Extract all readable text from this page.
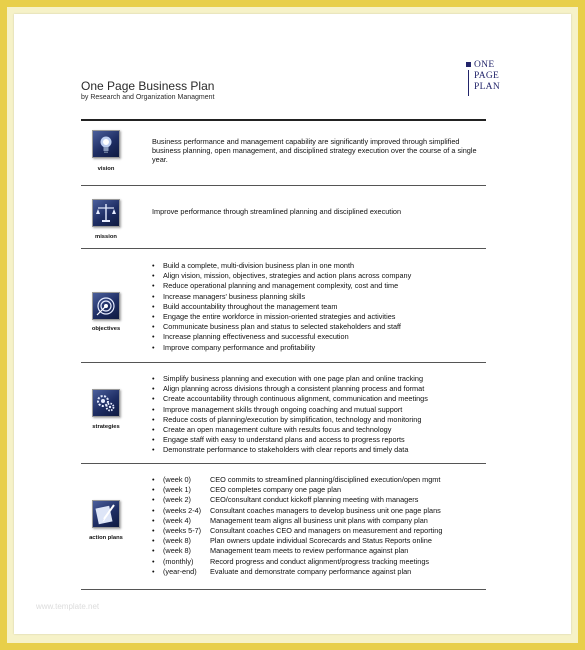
One Page Business Plan
by Research and Organization Managment
ONE
PAGE
PLAN
vision
Business performance and management capability are significantly improved through simplified business planning, open management, and disciplined strategy execution over the course of a single year.
mission
Improve performance through streamlined planning and disciplined execution
objectives
• Build a complete, multi-division business plan in one month
• Align vision, mission, objectives, strategies and action plans across company
• Reduce operational planning and management complexity, cost and time
• Increase managers' business planning skills
• Build accountability throughout the management team
• Engage the entire workforce in mission-oriented strategies and activities
• Communicate business plan and status to selected stakeholders and staff
• Increase planning effectiveness and successful execution
• Improve company performance and profitability
strategies
• Simplify business planning and execution with one page plan and online tracking
• Align planning across divisions through a consistent planning process and format
• Create accountability through continuous alignment, communication and meetings
• Improve management skills through ongoing coaching and mutual support
• Reduce costs of planning/execution by simplification, technology and monitoring
• Create an open management culture with results focus and technology
• Engage staff with easy to understand plans and access to progress reports
• Demonstrate performance to stakeholders with clear reports and timely data
action plans
• (week 0)	CEO commits to streamlined planning/disciplined execution/open mgmt
• (week 1)	CEO completes company one page plan
• (week 2)	CEO/consultant conduct kickoff planning meeting with managers
• (weeks 2-4) Consultant coaches managers to develop business unit one page plans
• (week 4)	Management team aligns all business unit plans with company plan
• (weeks 5-7) Consultant coaches CEO and managers on measurement and reporting
• (week 8)	Plan owners update individual Scorecards and Status Reports online
• (week 8)	Management team meets to review performance against plan
• (monthly) Record progress and conduct alignment/progress tracking meetings
• (year-end) Evaluate and demonstrate company performance against plan
www.template.net
